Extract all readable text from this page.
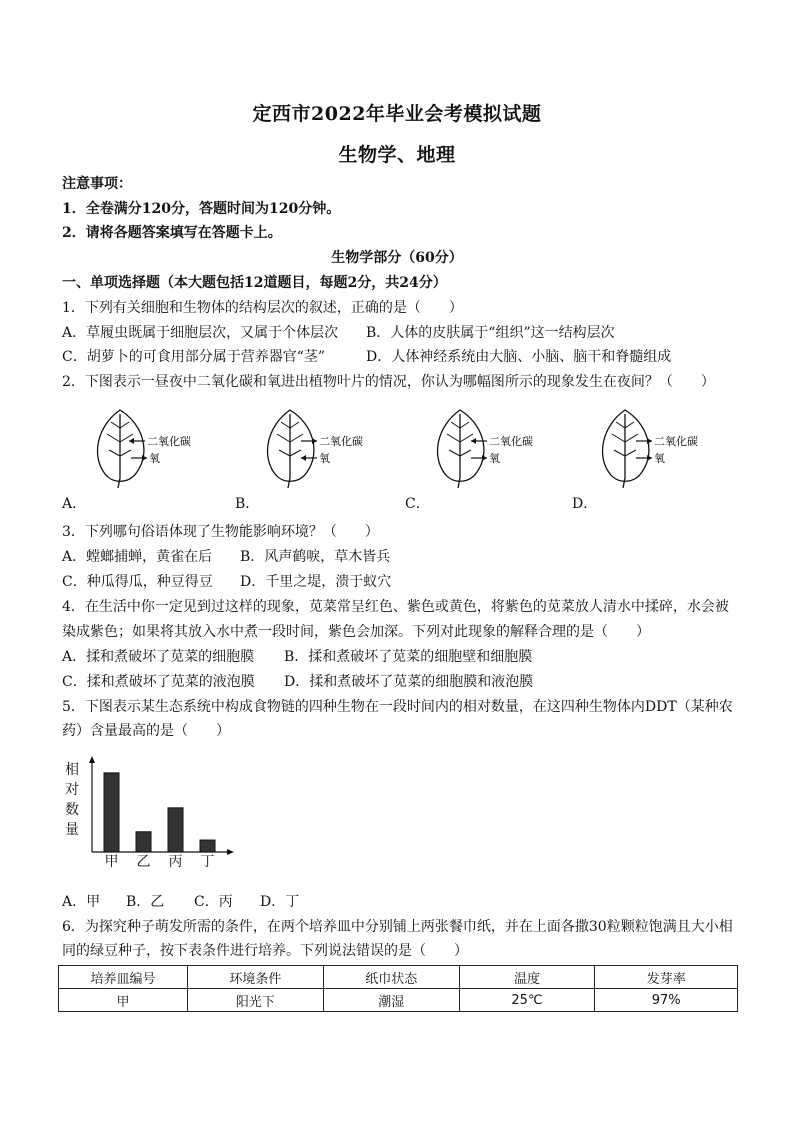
定西市2022年毕业会考模拟试题
生物学、地理
注意事项：
1．全卷满分120分，答题时间为120分钟。
2．请将各题答案填写在答题卡上。
生物学部分（60分）
一、单项选择题（本大题包括12道题目，每题2分，共24分）
1．下列有关细胞和生物体的结构层次的叙述，正确的是（　　）
A．草履虫既属于细胞层次，又属于个体层次 B．人体的皮肤属于“组织”这一结构层次
C．胡萝卜的可食用部分属于营养器官“茎”	D．人体神经系统由大脑、小脑、脑干和脊髓组成
2．下图表示一昼夜中二氧化碳和氧进出植物叶片的情况，你认为哪幅图所示的现象发生在夜间？（　　）
二氧化碳
氧
二氧化碳
氧
二氧化碳
氧
二氧化碳
氧
A．	B．	C．	D．
3．下列哪句俗语体现了生物能影响环境？（　　）
A．螳螂捕蝉，黄雀在后 B．风声鹤唳，草木皆兵
C．种瓜得瓜，种豆得豆 D．千里之堤，溃于蚁穴
4．在生活中你一定见到过这样的现象，苋菜常呈红色、紫色或黄色，将紫色的苋菜放人清水中揉碎，水会被
染成紫色；如果将其放入水中煮一段时间，紫色会加深。下列对此现象的解释合理的是（　　）
A．揉和煮破坏了苋菜的细胞膜 B．揉和煮破坏了苋菜的细胞壁和细胞膜
C．揉和煮破坏了苋菜的液泡膜 D．揉和煮破坏了苋菜的细胞膜和液泡膜
5．下图表示某生态系统中构成食物链的四种生物在一段时间内的相对数量，在这四种生物体内DDT（某种农
药）含量最高的是（　　）
相
对
数
量
甲 乙 丙 丁
A．甲 B．乙 C．丙 D．丁
6．为探究种子萌发所需的条件，在两个培养皿中分别铺上两张餐巾纸，并在上面各撒30粒颗粒饱满且大小相
同的绿豆种子，按下表条件进行培养。下列说法错误的是（　　）
培养皿编号	环境条件	纸巾状态	温度	发芽率
甲	阳光下	潮湿	25℃	97%
